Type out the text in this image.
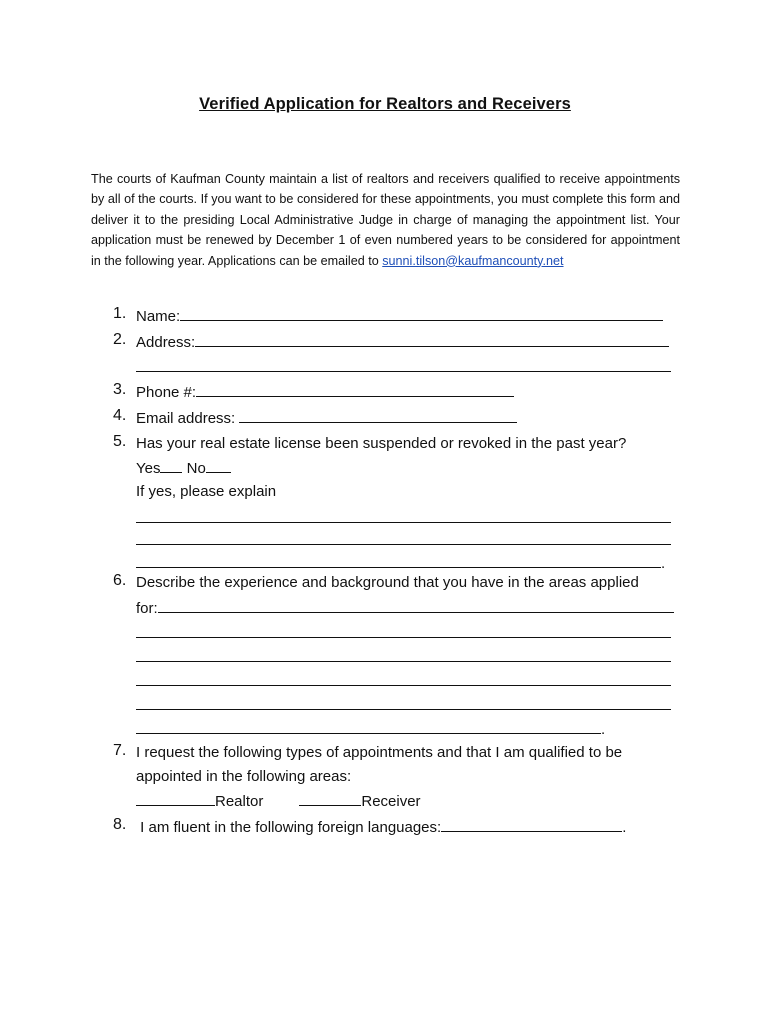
Verified Application for Realtors and Receivers
The courts of Kaufman County maintain a list of realtors and receivers qualified to receive appointments by all of the courts. If you want to be considered for these appointments, you must complete this form and deliver it to the presiding Local Administrative Judge in charge of managing the appointment list. Your application must be renewed by December 1 of even numbered years to be considered for appointment in the following year. Applications can be emailed to sunni.tilson@kaufmancounty.net
1. Name:
2. Address:
3. Phone #:
4. Email address:
5. Has your real estate license been suspended or revoked in the past year?
Yes No
If yes, please explain
.
6. Describe the experience and background that you have in the areas applied
for:
.
7. I request the following types of appointments and that I am qualified to be
appointed in the following areas:
Realtor	Receiver
8. I am fluent in the following foreign languages:	.
